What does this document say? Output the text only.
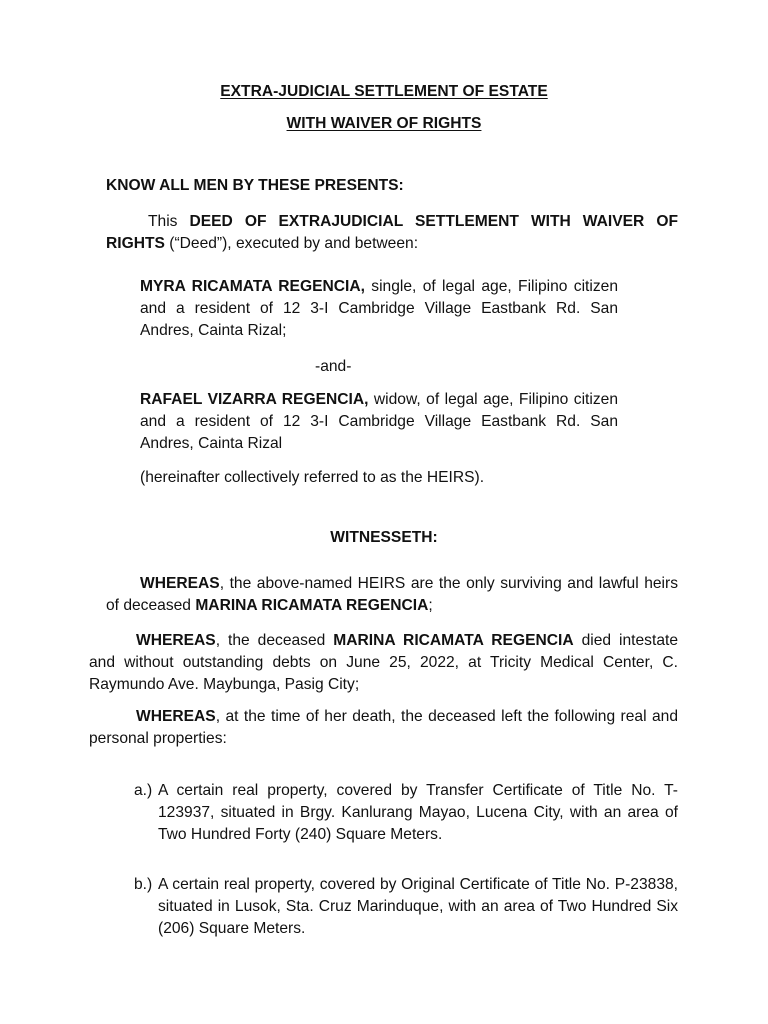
EXTRA-JUDICIAL SETTLEMENT OF ESTATE
WITH WAIVER OF RIGHTS
KNOW ALL MEN BY THESE PRESENTS:
This DEED OF EXTRAJUDICIAL SETTLEMENT WITH WAIVER OF RIGHTS (“Deed”), executed by and between:
MYRA RICAMATA REGENCIA, single, of legal age, Filipino citizen and a resident of 12 3-I Cambridge Village Eastbank Rd. San Andres, Cainta Rizal;
-and-
RAFAEL VIZARRA REGENCIA, widow, of legal age, Filipino citizen and a resident of 12 3-I Cambridge Village Eastbank Rd. San Andres, Cainta Rizal
(hereinafter collectively referred to as the HEIRS).
WITNESSETH:
WHEREAS, the above-named HEIRS are the only surviving and lawful heirs of deceased MARINA RICAMATA REGENCIA;
WHEREAS, the deceased MARINA RICAMATA REGENCIA died intestate and without outstanding debts on June 25, 2022, at Tricity Medical Center, C. Raymundo Ave. Maybunga, Pasig City;
WHEREAS, at the time of her death, the deceased left the following real and personal properties:
a.) A certain real property, covered by Transfer Certificate of Title No. T-123937, situated in Brgy. Kanlurang Mayao, Lucena City, with an area of Two Hundred Forty (240) Square Meters.
b.) A certain real property, covered by Original Certificate of Title No. P-23838, situated in Lusok, Sta. Cruz Marinduque, with an area of Two Hundred Six (206) Square Meters.
